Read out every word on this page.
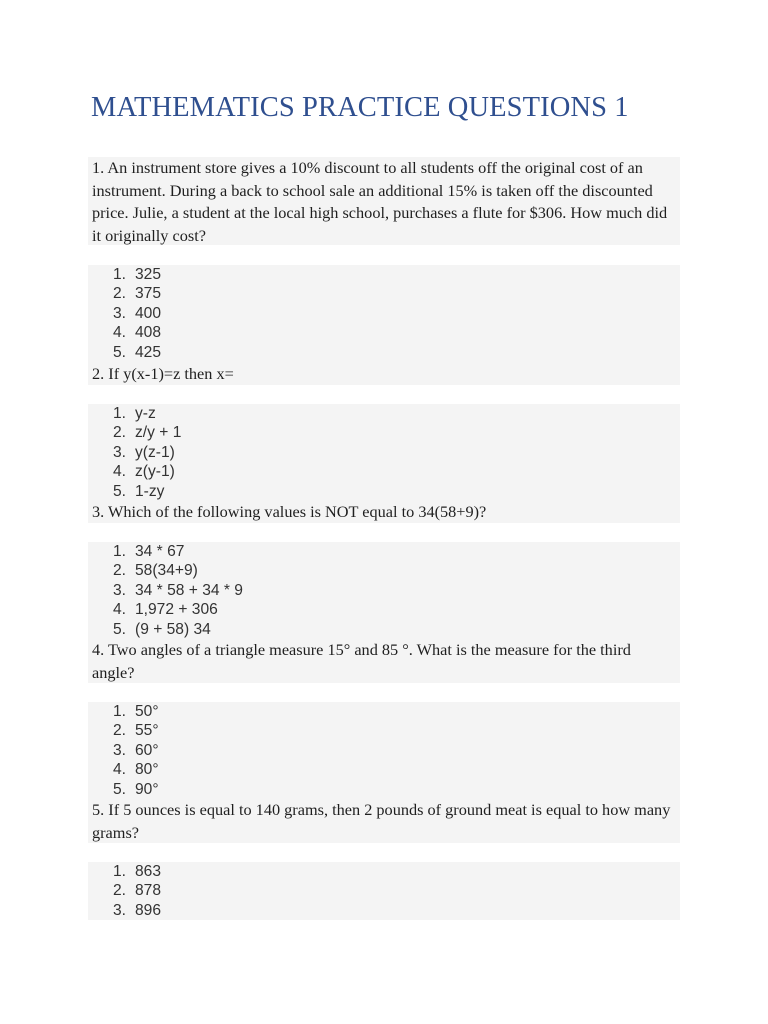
MATHEMATICS PRACTICE QUESTIONS 1

1. An instrument store gives a 10% discount to all students off the original cost of an instrument. During a back to school sale an additional 15% is taken off the discounted price. Julie, a student at the local high school, purchases a flute for $306. How much did it originally cost?

1. 325
2. 375
3. 400
4. 408
5. 425

2. If y(x-1)=z then x=

1. y-z
2. z/y + 1
3. y(z-1)
4. z(y-1)
5. 1-zy

3. Which of the following values is NOT equal to 34(58+9)?

1. 34 * 67
2. 58(34+9)
3. 34 * 58 + 34 * 9
4. 1,972 + 306
5. (9 + 58) 34

4. Two angles of a triangle measure 15° and 85 °. What is the measure for the third angle?

1. 50°
2. 55°
3. 60°
4. 80°
5. 90°

5. If 5 ounces is equal to 140 grams, then 2 pounds of ground meat is equal to how many grams?

1. 863
2. 878
3. 896
